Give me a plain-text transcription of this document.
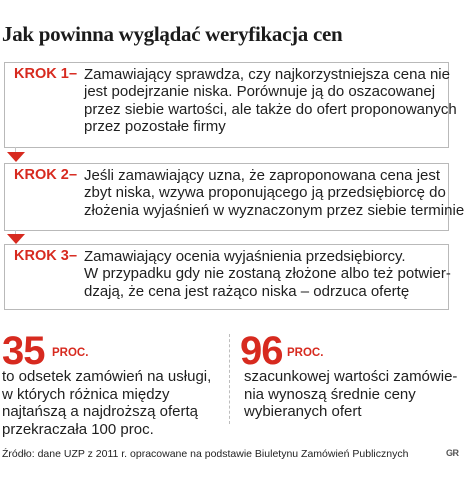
Jak powinna wyglądać weryfikacja cen
KROK 1 – Zamawiający sprawdza, czy najkorzystniejsza cena nie
jest podejrzanie niska. Porównuje ją do oszacowanej
przez siebie wartości, ale także do ofert proponowanych
przez pozostałe firmy
KROK 2 – Jeśli zamawiający uzna, że zaproponowana cena jest
zbyt niska, wzywa proponującego ją przedsiębiorcę do
złożenia wyjaśnień w wyznaczonym przez siebie terminie
KROK 3 – Zamawiający ocenia wyjaśnienia przedsiębiorcy.
W przypadku gdy nie zostaną złożone albo też potwier-
dzają, że cena jest rażąco niska – odrzuca ofertę
35 PROC.
to odsetek zamówień na usługi,
w których różnica między
najtańszą a najdroższą ofertą
przekraczała 100 proc.
96 PROC.
szacunkowej wartości zamówie-
nia wynoszą średnie ceny
wybieranych ofert
Źródło: dane UZP z 2011 r. opracowane na podstawie Biuletynu Zamówień Publicznych	GR
